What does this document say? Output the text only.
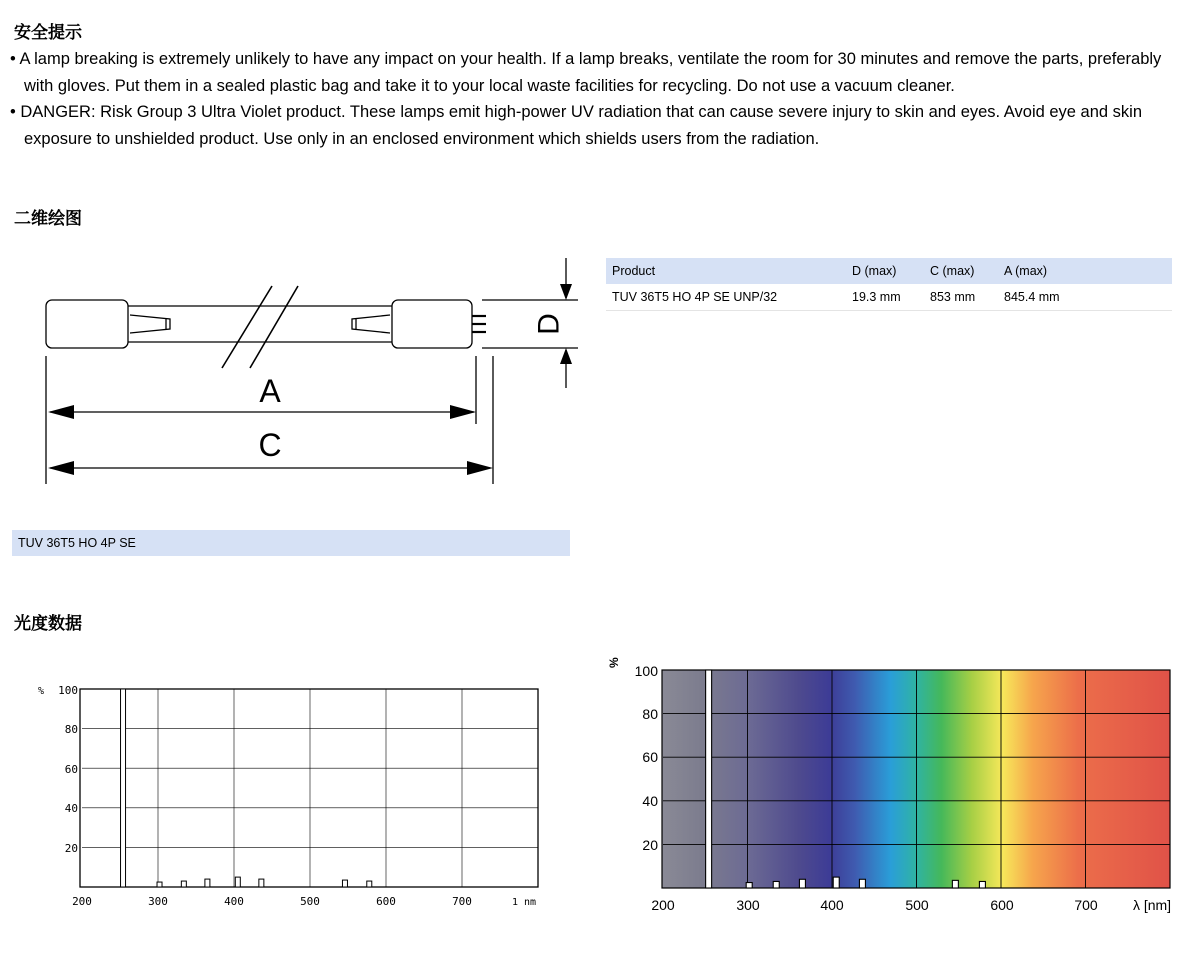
安全提示
• A lamp breaking is extremely unlikely to have any impact on your health. If a lamp breaks, ventilate the room for 30 minutes and remove the parts, preferably with gloves. Put them in a sealed plastic bag and take it to your local waste facilities for recycling. Do not use a vacuum cleaner.
• DANGER: Risk Group 3 Ultra Violet product. These lamps emit high-power UV radiation that can cause severe injury to skin and eyes. Avoid eye and skin exposure to unshielded product. Use only in an enclosed environment which shields users from the radiation.
二维绘图
A
C
D
Product	D (max)	C (max)	A (max)
TUV 36T5 HO 4P SE UNP/32	19.3 mm	853 mm	845.4 mm
TUV 36T5 HO 4P SE
光度数据
% 100
80
60
40
20
200	300	400	500	600	700	1 nm
%
100
80
60
40
20
200	300	400	500	600	700	λ [nm]
